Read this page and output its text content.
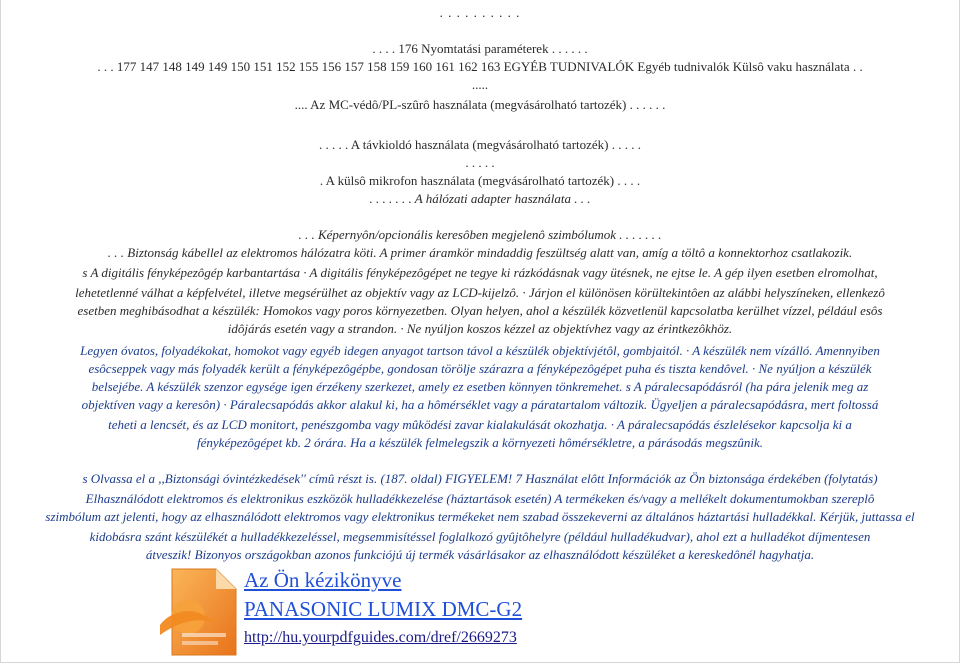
. . . . . . . . . .
. . . . 176 Nyomtatási paraméterek . . . . . .
. . . 177 147 148 149 149 150 151 152 155 156 157 158 159 160 161 162 163 EGYÉB TUDNIVALÓK Egyéb tudnivalók Külsô vaku használata . .
.....
.... Az MC-védô/PL-szûrô használata (megvásárolható tartozék) . . . . . .
. . . . . A távkioldó használata (megvásárolható tartozék) . . . . .
. . . . .
. A külsô mikrofon használata (megvásárolható tartozék) . . . .
. . . . . . . A hálózati adapter használata . . .
. . . Képernyôn/opcionális keresôben megjelenô szimbólumok . . . . . . .
. . . Biztonság kábellel az elektromos hálózatra köti. A primer áramkör mindaddig feszültség alatt van, amíg a töltô a konnektorhoz csatlakozik.
s A digitális fényképezôgép karbantartása · A digitális fényképezôgépet ne tegye ki rázkódásnak vagy ütésnek, ne ejtse le. A gép ilyen esetben elromolhat,
lehetetlenné válhat a képfelvétel, illetve megsérülhet az objektív vagy az LCD-kijelzô. · Járjon el különösen körültekintôen az alábbi helyszíneken, ellenkezô
esetben meghibásodhat a készülék: Homokos vagy poros környezetben. Olyan helyen, ahol a készülék közvetlenül kapcsolatba kerülhet vízzel, például esôs
idôjárás esetén vagy a strandon. · Ne nyúljon koszos kézzel az objektívhez vagy az érintkezôkhöz.
Legyen óvatos, folyadékokat, homokot vagy egyéb idegen anyagot tartson távol a készülék objektívjétôl, gombjaitól. · A készülék nem vízálló. Amennyiben
esôcseppek vagy más folyadék került a fényképezôgépbe, gondosan törölje szárazra a fényképezôgépet puha és tiszta kendôvel. · Ne nyúljon a készülék
belsejébe. A készülék szenzor egysége igen érzékeny szerkezet, amely ez esetben könnyen tönkremehet. s A páralecsapódásról (ha pára jelenik meg az
objektíven vagy a keresôn) · Páralecsapódás akkor alakul ki, ha a hômérséklet vagy a páratartalom változik. Ügyeljen a páralecsapódásra, mert foltossá
teheti a lencsét, és az LCD monitort, penészgomba vagy mûködési zavar kialakulását okozhatja. · A páralecsapódás észlelésekor kapcsolja ki a
fényképezôgépet kb. 2 órára. Ha a készülék felmelegszik a környezeti hômérsékletre, a párásodás megszûnik.
s Olvassa el a ,,Biztonsági óvintézkedések'' címû részt is. (187. oldal) FIGYELEM! 7 Használat elôtt Információk az Ön biztonsága érdekében (folytatás)
Elhasználódott elektromos és elektronikus eszközök hulladékkezelése (háztartások esetén) A termékeken és/vagy a mellékelt dokumentumokban szereplô
szimbólum azt jelenti, hogy az elhasználódott elektromos vagy elektronikus termékeket nem szabad összekeverni az általános háztartási hulladékkal. Kérjük, juttassa el
kidobásra szánt készülékét a hulladékkezeléssel, megsemmisítéssel foglalkozó gyûjtôhelyre (például hulladékudvar), ahol ezt a hulladékot díjmentesen
átveszik! Bizonyos országokban azonos funkciójú új termék vásárlásakor az elhasználódott készüléket a kereskedônél hagyhatja.
Az Ön kézikönyve
PANASONIC LUMIX DMC-G2
http://hu.yourpdfguides.com/dref/2669273
